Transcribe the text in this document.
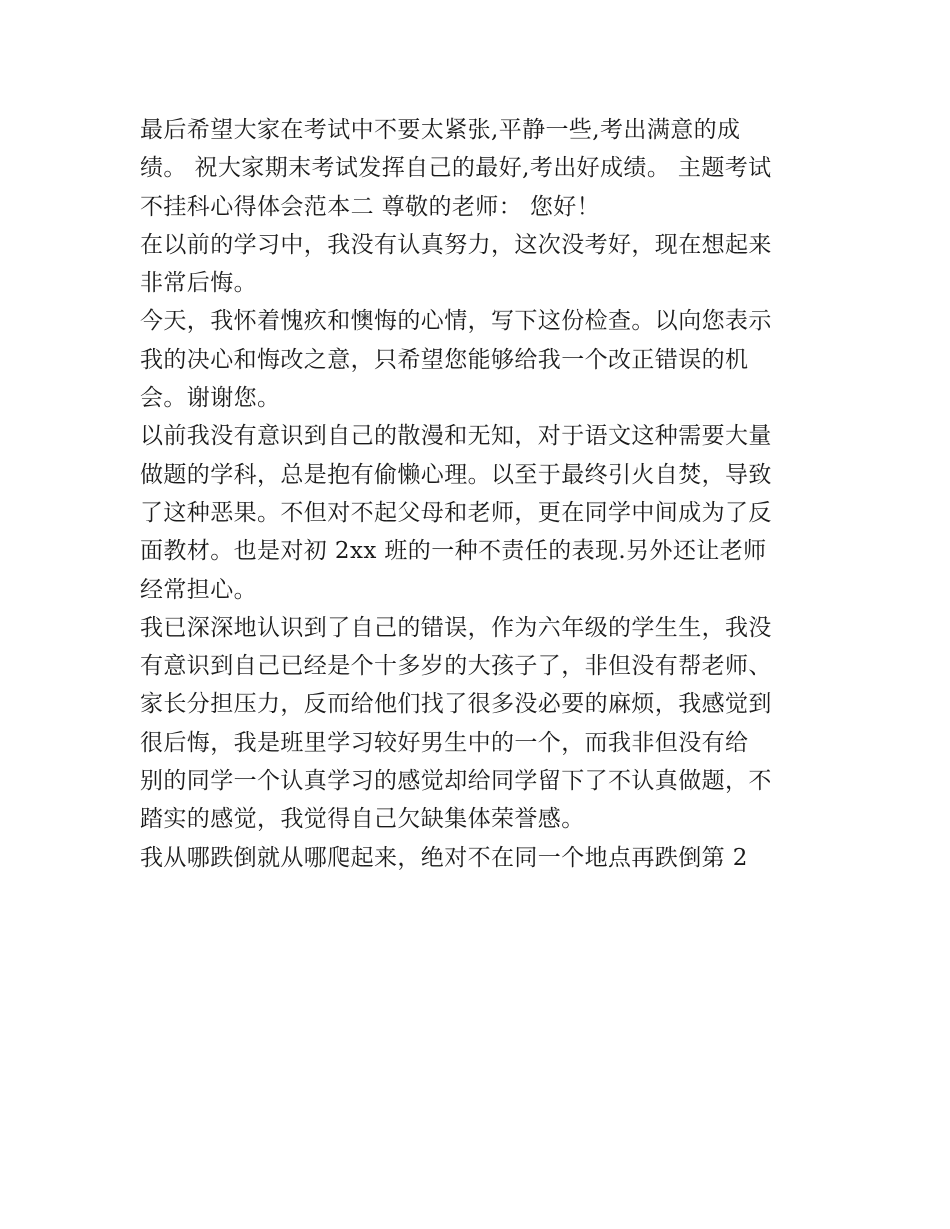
最后希望大家在考试中不要太紧张,平静一些,考出满意的成
绩。 祝大家期末考试发挥自己的最好,考出好成绩。 主题考试
不挂科心得体会范本二 尊敬的老师： 您好！
在以前的学习中，我没有认真努力，这次没考好，现在想起来
非常后悔。
今天，我怀着愧疚和懊悔的心情，写下这份检查。以向您表示
我的决心和悔改之意，只希望您能够给我一个改正错误的机
会。谢谢您。
以前我没有意识到自己的散漫和无知，对于语文这种需要大量
做题的学科，总是抱有偷懒心理。以至于最终引火自焚，导致
了这种恶果。不但对不起父母和老师，更在同学中间成为了反
面教材。也是对初 2xx 班的一种不责任的表现.另外还让老师
经常担心。
我已深深地认识到了自己的错误，作为六年级的学生生，我没
有意识到自己已经是个十多岁的大孩子了，非但没有帮老师、
家长分担压力，反而给他们找了很多没必要的麻烦，我感觉到
很后悔，我是班里学习较好男生中的一个，而我非但没有给
别的同学一个认真学习的感觉却给同学留下了不认真做题，不
踏实的感觉，我觉得自己欠缺集体荣誉感。
我从哪跌倒就从哪爬起来，绝对不在同一个地点再跌倒第 2
